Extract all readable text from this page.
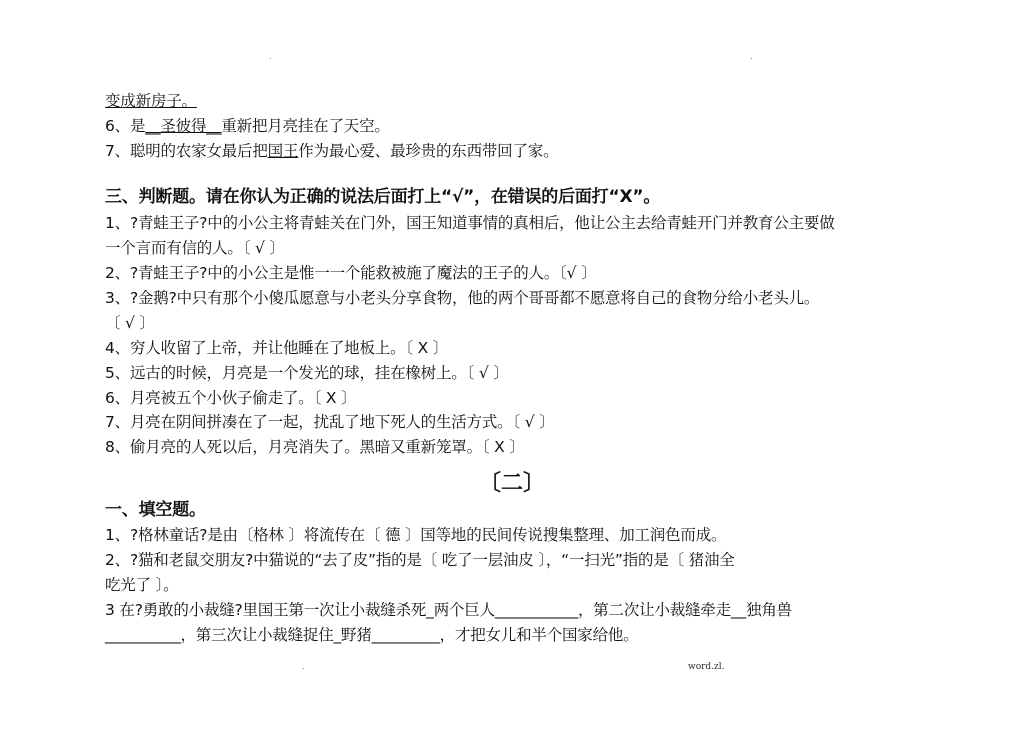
.	.
变成新房子。
6、是__圣彼得__重新把月亮挂在了天空。
7、聪明的农家女最后把国王作为最心爱、最珍贵的东西带回了家。
三、判断题。请在你认为正确的说法后面打上“√”，在错误的后面打“X”。
1、?青蛙王子?中的小公主将青蛙关在门外，国王知道事情的真相后，他让公主去给青蛙开门并教育公主要做
一个言而有信的人。〔 √ 〕
2、?青蛙王子?中的小公主是惟一一个能救被施了魔法的王子的人。〔√ 〕
3、?金鹅?中只有那个小傻瓜愿意与小老头分享食物，他的两个哥哥都不愿意将自己的食物分给小老头儿。
〔 √ 〕
4、穷人收留了上帝，并让他睡在了地板上。〔 X 〕
5、远古的时候，月亮是一个发光的球，挂在橡树上。〔 √ 〕
6、月亮被五个小伙子偷走了。〔 X 〕
7、月亮在阴间拼凑在了一起，扰乱了地下死人的生活方式。〔 √ 〕
8、偷月亮的人死以后，月亮消失了。黑暗又重新笼罩。〔 X 〕
〔二〕
一、填空题。
1、?格林童话?是由〔格林 〕将流传在〔 德 〕国等地的民间传说搜集整理、加工润色而成。
2、?猫和老鼠交朋友?中猫说的“去了皮”指的是〔 吃了一层油皮 〕，“一扫光”指的是〔 猪油全
吃光了 〕。
3 在?勇敢的小裁缝?里国王第一次让小裁缝杀死_两个巨人___________，第二次让小裁缝牵走__独角兽
__________，第三次让小裁缝捉住_野猪_________，才把女儿和半个国家给他。
.	word.zl.
